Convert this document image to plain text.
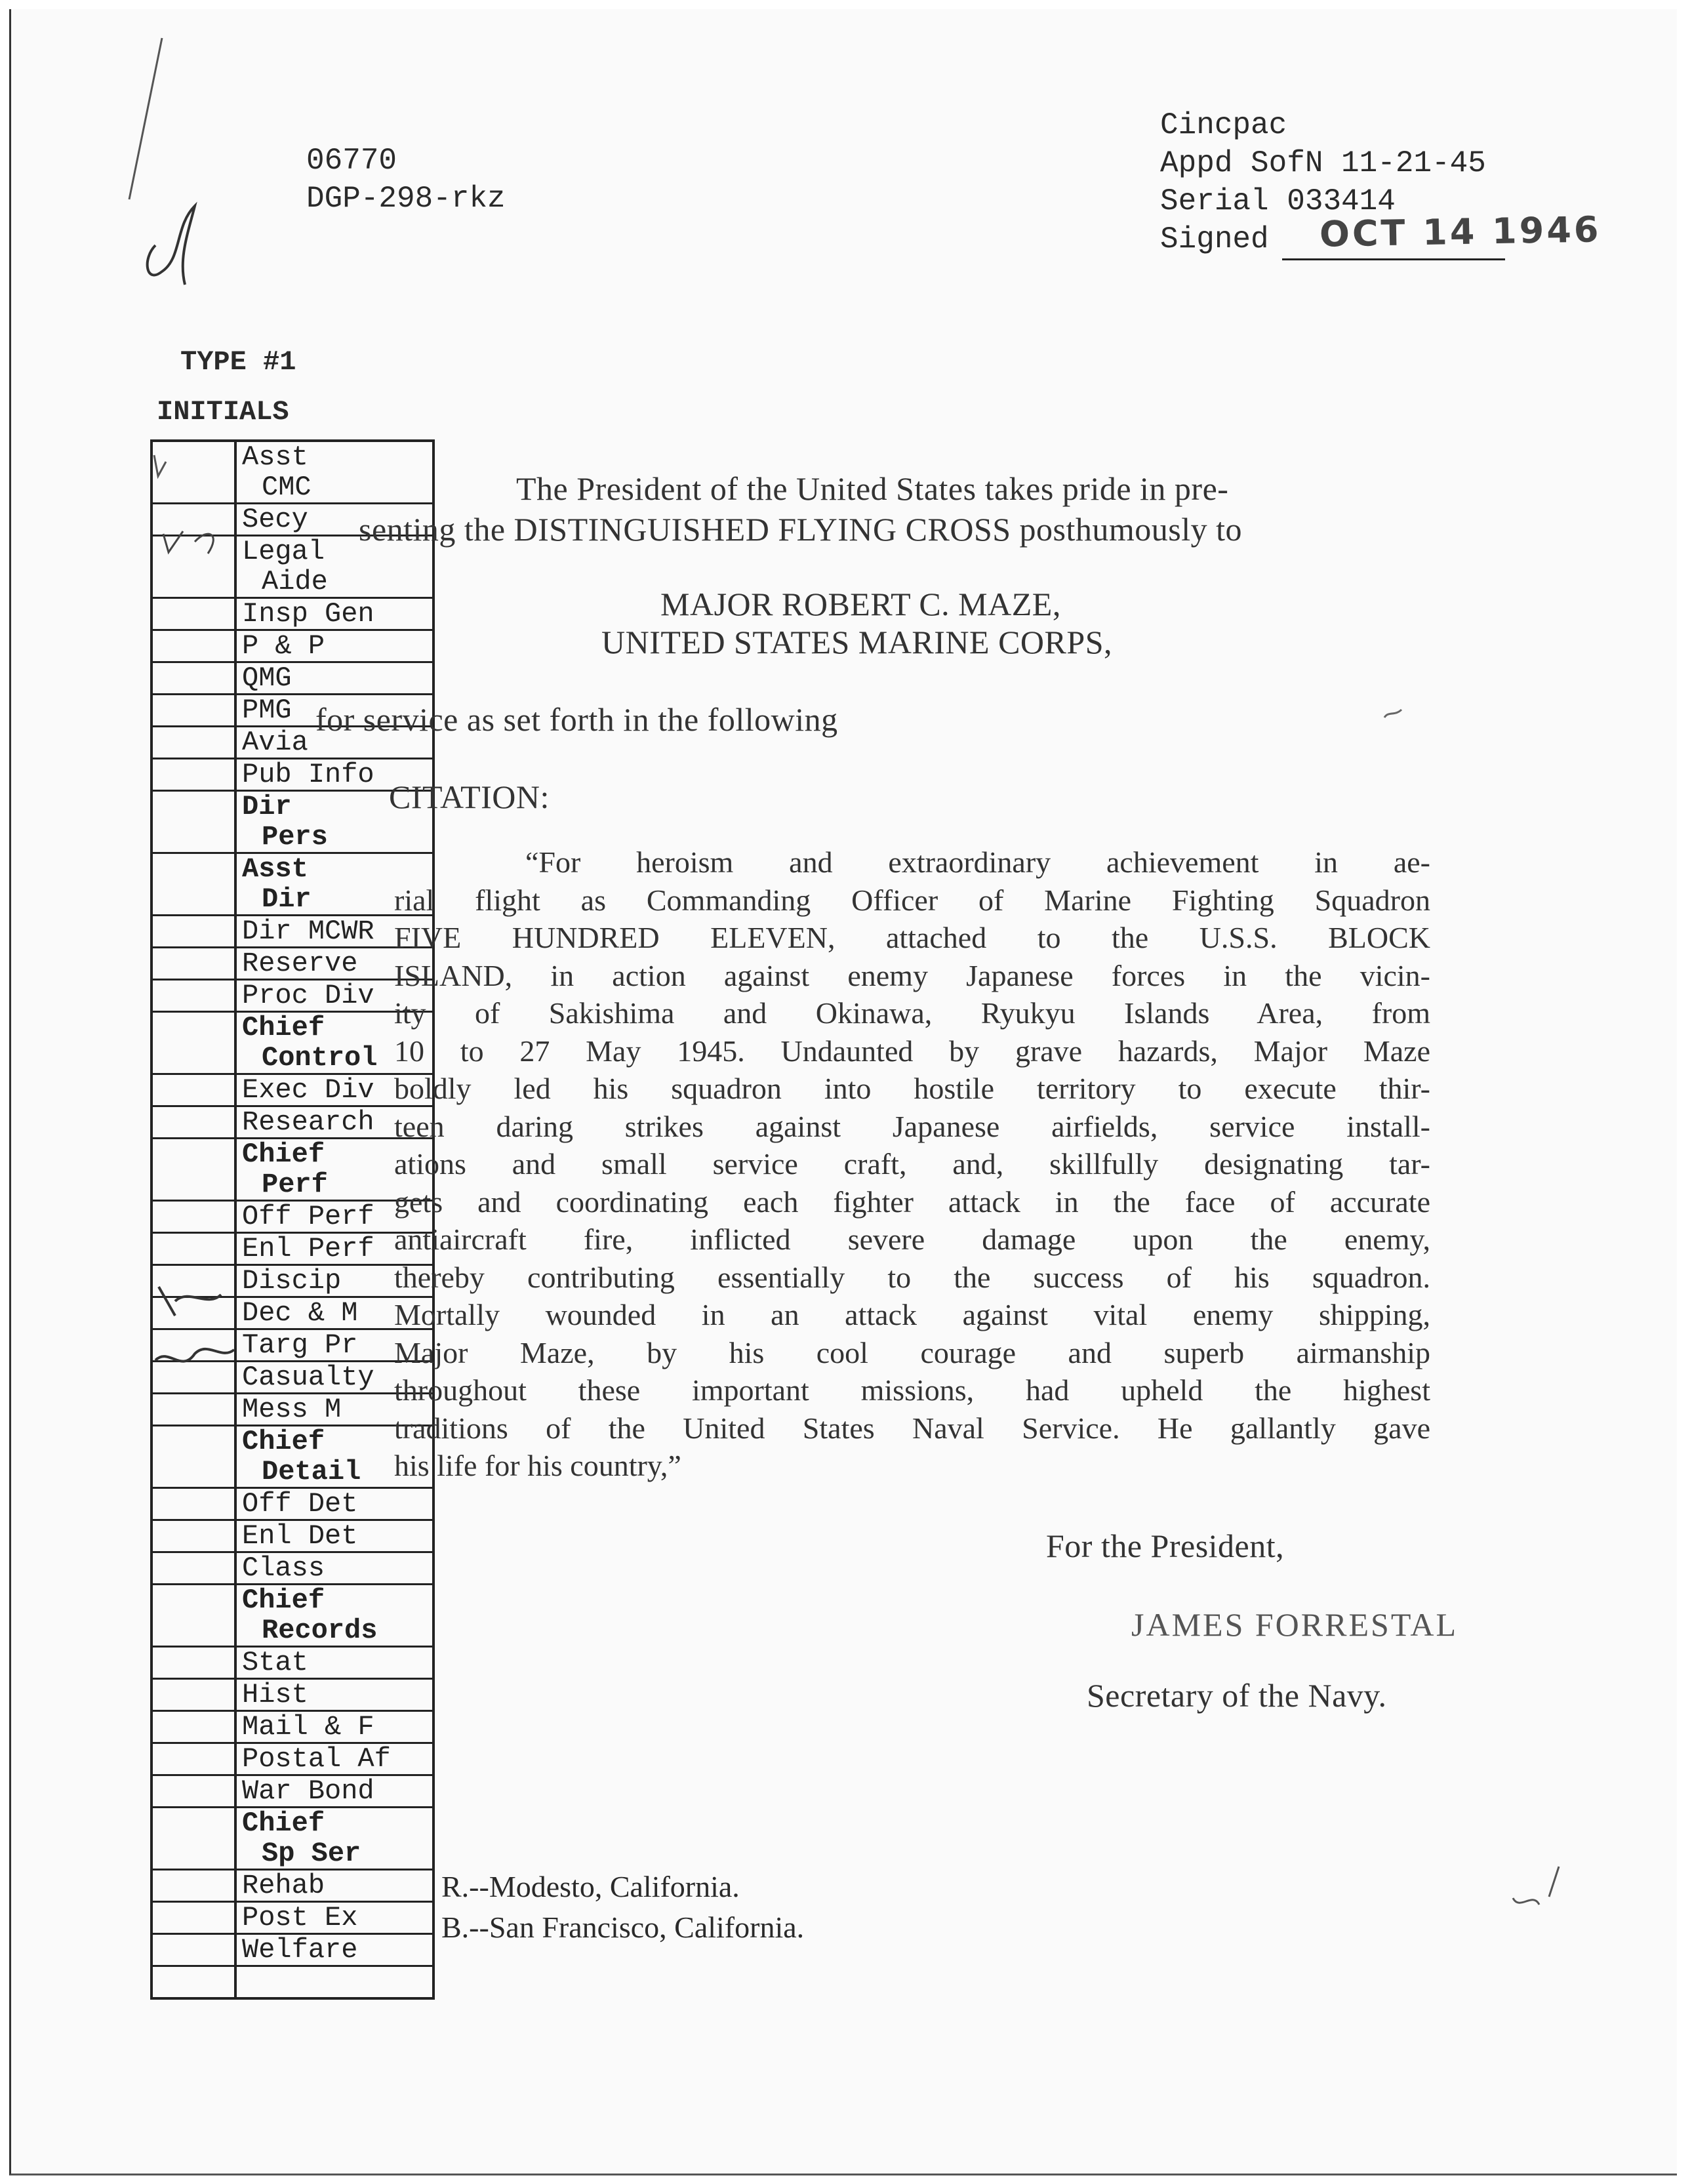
06770
DGP-298-rkz
Cincpac
Appd SofN 11-21-45
Serial 033414
Signed	OCT 14 1946
TYPE #1
INITIALS
Asst
CMC
Secy
Legal
Aide
Insp Gen
P & P
QMG
PMG
Avia
Pub Info
Dir
Pers
Asst
Dir
Dir MCWR
Reserve
Proc Div
Chief
Control
Exec Div
Research
Chief
Perf
Off Perf
Enl Perf
Discip
Dec & M
Targ Pr
Casualty
Mess M
Chief
Detail
Off Det
Enl Det
Class
Chief
Records
Stat
Hist
Mail & F
Postal Af
War Bond
Chief
Sp Ser
Rehab
Post Ex
Welfare

The President of the United States takes pride in pre-
senting the DISTINGUISHED FLYING CROSS posthumously to
MAJOR ROBERT C. MAZE,
UNITED STATES MARINE CORPS,
for service as set forth in the following
CITATION:
“For heroism and extraordinary achievement in ae-
rial flight as Commanding Officer of Marine Fighting Squadron
FIVE HUNDRED ELEVEN, attached to the U.S.S. BLOCK
ISLAND, in action against enemy Japanese forces in the vicin-
ity of Sakishima and Okinawa, Ryukyu Islands Area, from
10 to 27 May 1945. Undaunted by grave hazards, Major Maze
boldly led his squadron into hostile territory to execute thir-
teen daring strikes against Japanese airfields, service install-
ations and small service craft, and, skillfully designating tar-
gets and coordinating each fighter attack in the face of accurate
antiaircraft fire, inflicted severe damage upon the enemy,
thereby contributing essentially to the success of his squadron.
Mortally wounded in an attack against vital enemy shipping,
Major Maze, by his cool courage and superb airmanship
throughout these important missions, had upheld the highest
traditions of the United States Naval Service. He gallantly gave
his life for his country,”
For the President,
JAMES FORRESTAL
Secretary of the Navy.
R.--Modesto, California.
B.--San Francisco, California.
